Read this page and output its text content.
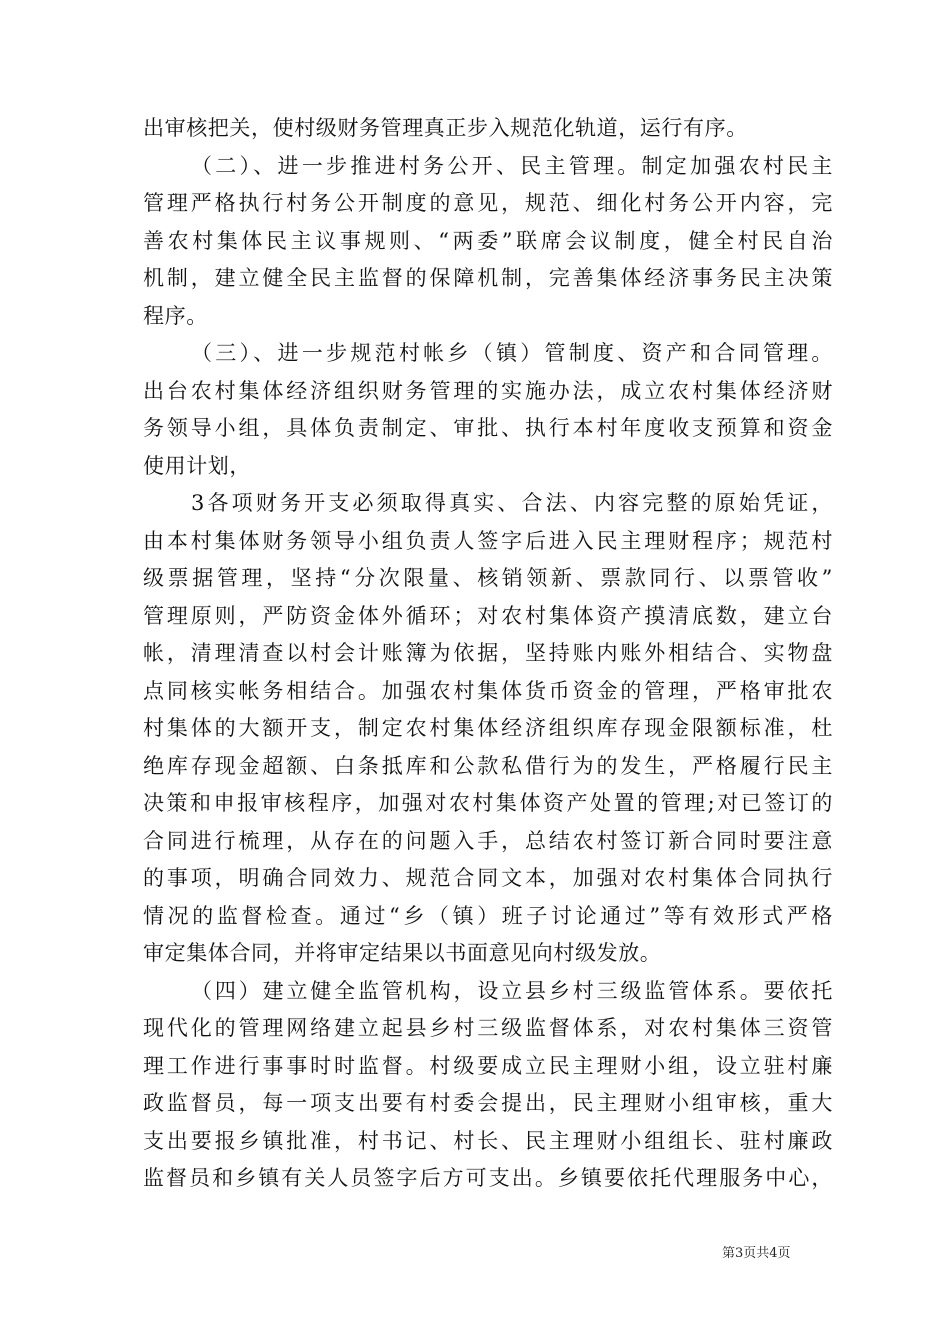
出审核把关，使村级财务管理真正步入规范化轨道，运行有序。
（二）、进一步推进村务公开、民主管理。制定加强农村民主
管理严格执行村务公开制度的意见，规范、细化村务公开内容，完
善农村集体民主议事规则、“两委”联席会议制度，健全村民自治
机制，建立健全民主监督的保障机制，完善集体经济事务民主决策
程序。
（三）、进一步规范村帐乡（镇）管制度、资产和合同管理。
出台农村集体经济组织财务管理的实施办法，成立农村集体经济财
务领导小组，具体负责制定、审批、执行本村年度收支预算和资金
使用计划，
3各项财务开支必须取得真实、合法、内容完整的原始凭证，
由本村集体财务领导小组负责人签字后进入民主理财程序；规范村
级票据管理，坚持“分次限量、核销领新、票款同行、以票管收”
管理原则，严防资金体外循环；对农村集体资产摸清底数，建立台
帐，清理清查以村会计账簿为依据，坚持账内账外相结合、实物盘
点同核实帐务相结合。加强农村集体货币资金的管理，严格审批农
村集体的大额开支，制定农村集体经济组织库存现金限额标准，杜
绝库存现金超额、白条抵库和公款私借行为的发生，严格履行民主
决策和申报审核程序，加强对农村集体资产处置的管理;对已签订的
合同进行梳理，从存在的问题入手，总结农村签订新合同时要注意
的事项，明确合同效力、规范合同文本，加强对农村集体合同执行
情况的监督检查。通过“乡（镇）班子讨论通过”等有效形式严格
审定集体合同，并将审定结果以书面意见向村级发放。
（四）建立健全监管机构，设立县乡村三级监管体系。要依托
现代化的管理网络建立起县乡村三级监督体系，对农村集体三资管
理工作进行事事时时监督。村级要成立民主理财小组，设立驻村廉
政监督员，每一项支出要有村委会提出，民主理财小组审核，重大
支出要报乡镇批准，村书记、村长、民主理财小组组长、驻村廉政
监督员和乡镇有关人员签字后方可支出。乡镇要依托代理服务中心，
第3页共4页
